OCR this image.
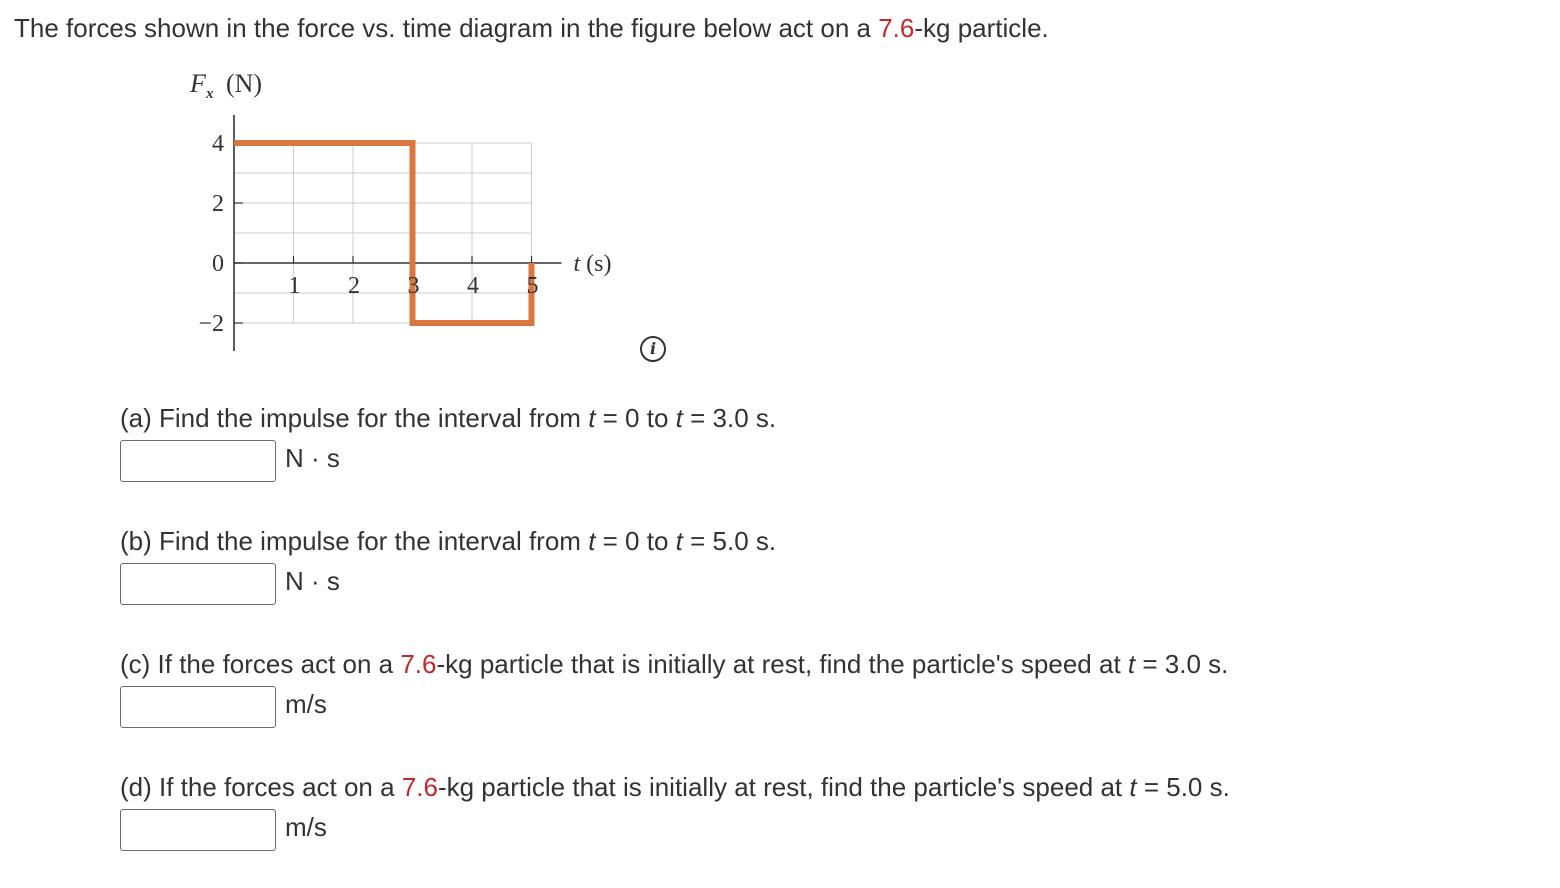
The forces shown in the force vs. time diagram in the figure below act on a 7.6-kg particle.
F x (N)
1 2 3 4 5
4
2
0
−2
t (s)
i
(a) Find the impulse for the interval from t = 0 to t = 3.0 s.
N · s
(b) Find the impulse for the interval from t = 0 to t = 5.0 s.
N · s
(c) If the forces act on a 7.6-kg particle that is initially at rest, find the particle's speed at t = 3.0 s.
m/s
(d) If the forces act on a 7.6-kg particle that is initially at rest, find the particle's speed at t = 5.0 s.
m/s
